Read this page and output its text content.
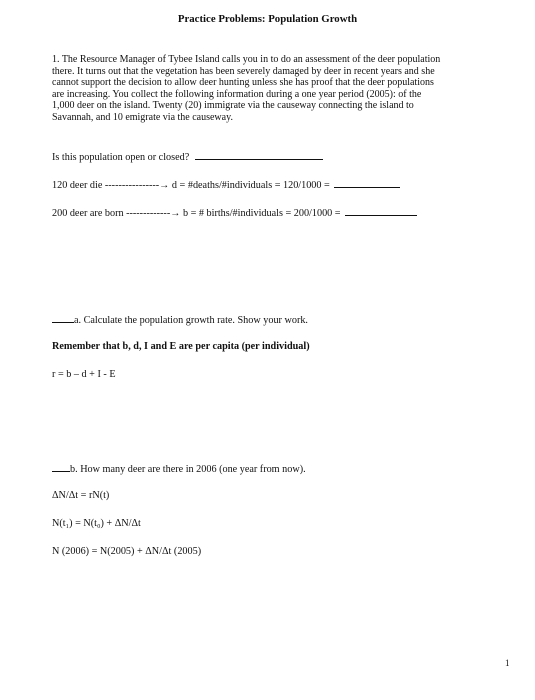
Practice Problems: Population Growth
1. The Resource Manager of Tybee Island calls you in to do an assessment of the deer population
there. It turns out that the vegetation has been severely damaged by deer in recent years and she
cannot support the decision to allow deer hunting unless she has proof that the deer populations
are increasing. You collect the following information during a one year period (2005): of the
1,000 deer on the island. Twenty (20) immigrate via the causeway connecting the island to
Savannah, and 10 emigrate via the causeway.
Is this population open or closed?
120 deer die ----------------→ d = #deaths/#individuals = 120/1000 =
200 deer are born -------------→ b = # births/#individuals = 200/1000 =
a. Calculate the population growth rate. Show your work.
Remember that b, d, I and E are per capita (per individual)
r = b – d + I - E
b. How many deer are there in 2006 (one year from now).
ΔN/Δt = rN(t)
N(t₁) = N(t₀) + ΔN/Δt
N (2006) = N(2005) + ΔN/Δt (2005)
1
